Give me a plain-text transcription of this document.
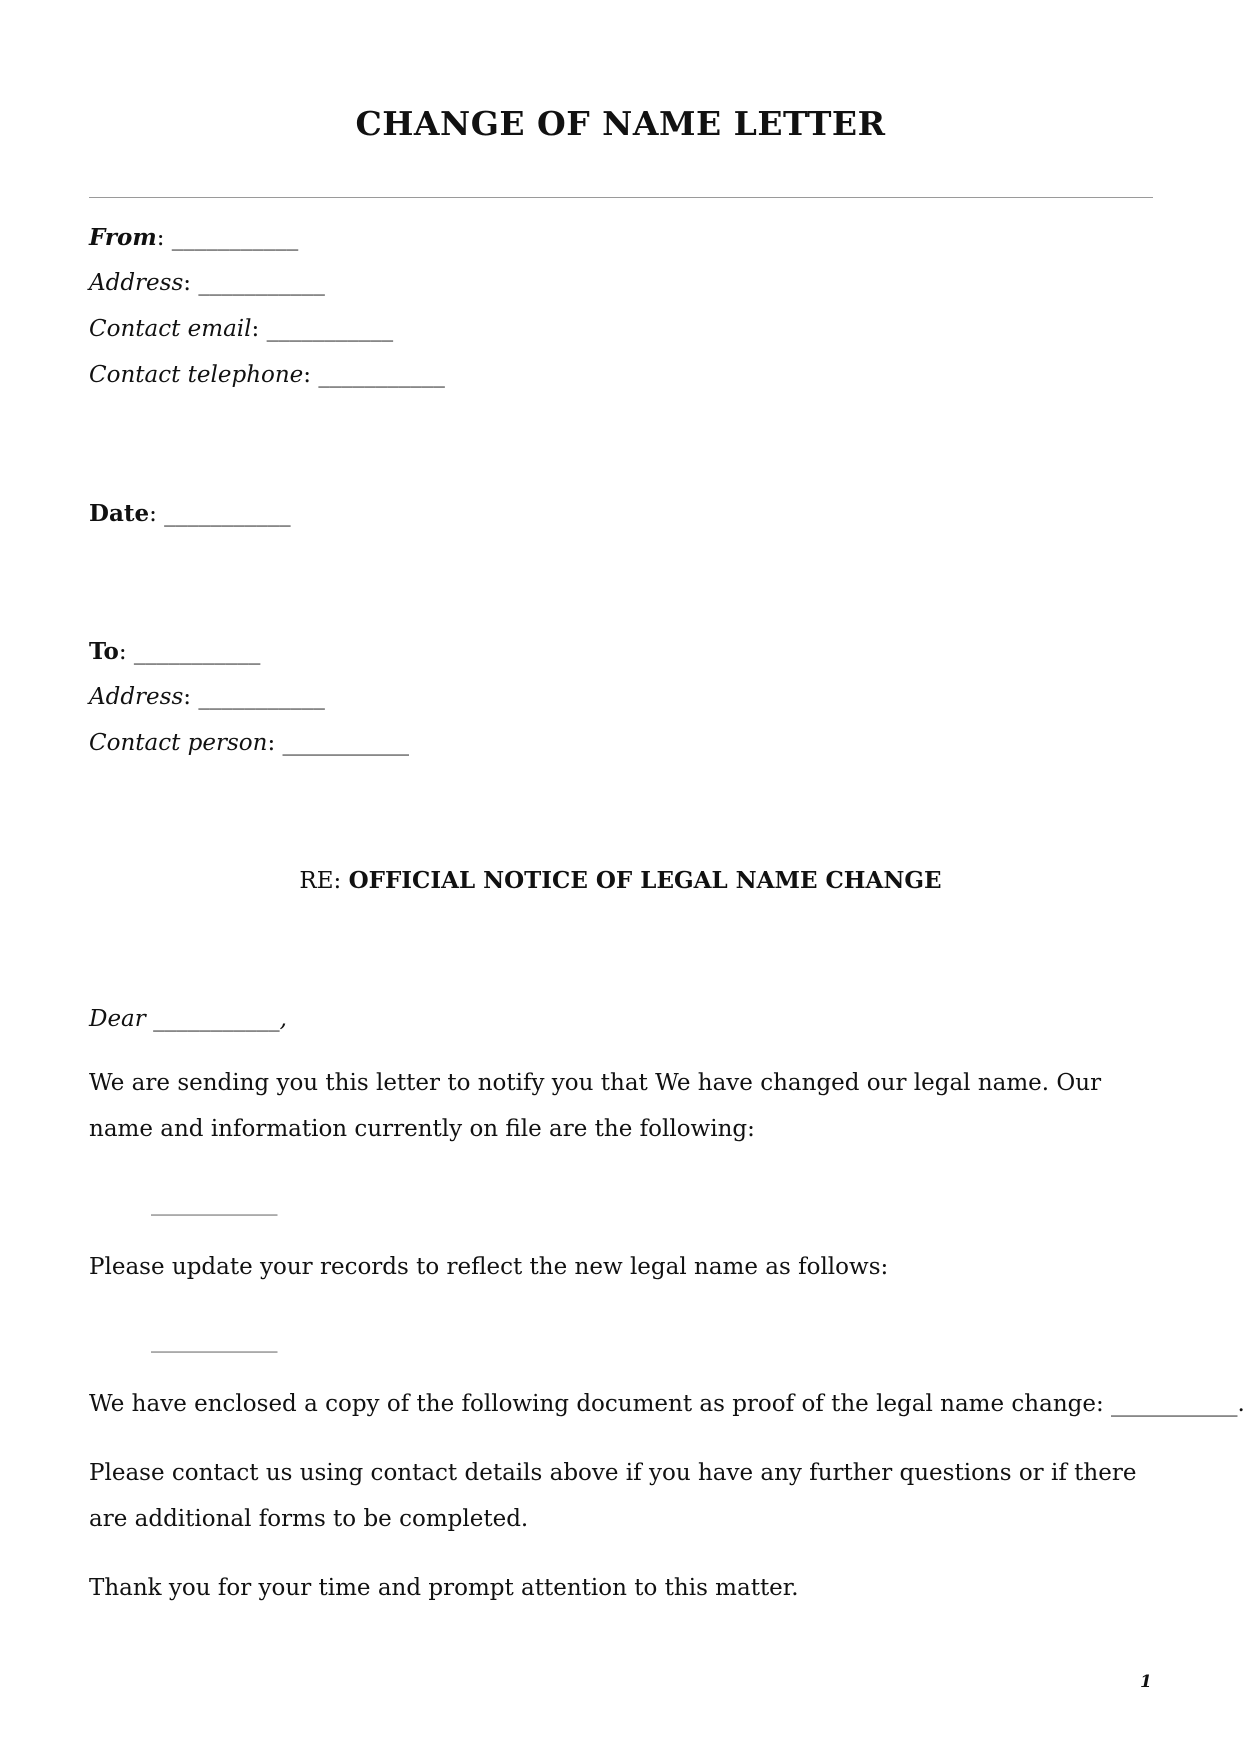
CHANGE OF NAME LETTER
From: ___________
Address: ___________
Contact email: ___________
Contact telephone: ___________
Date: ___________
To: ___________
Address: ___________
Contact person: ___________
RE: OFFICIAL NOTICE OF LEGAL NAME CHANGE
Dear ___________,
We are sending you this letter to notify you that We have changed our legal name. Our name and information currently on file are the following:
___________
Please update your records to reflect the new legal name as follows:
___________
We have enclosed a copy of the following document as proof of the legal name change: ___________.
Please contact us using contact details above if you have any further questions or if there are additional forms to be completed.
Thank you for your time and prompt attention to this matter.
1
